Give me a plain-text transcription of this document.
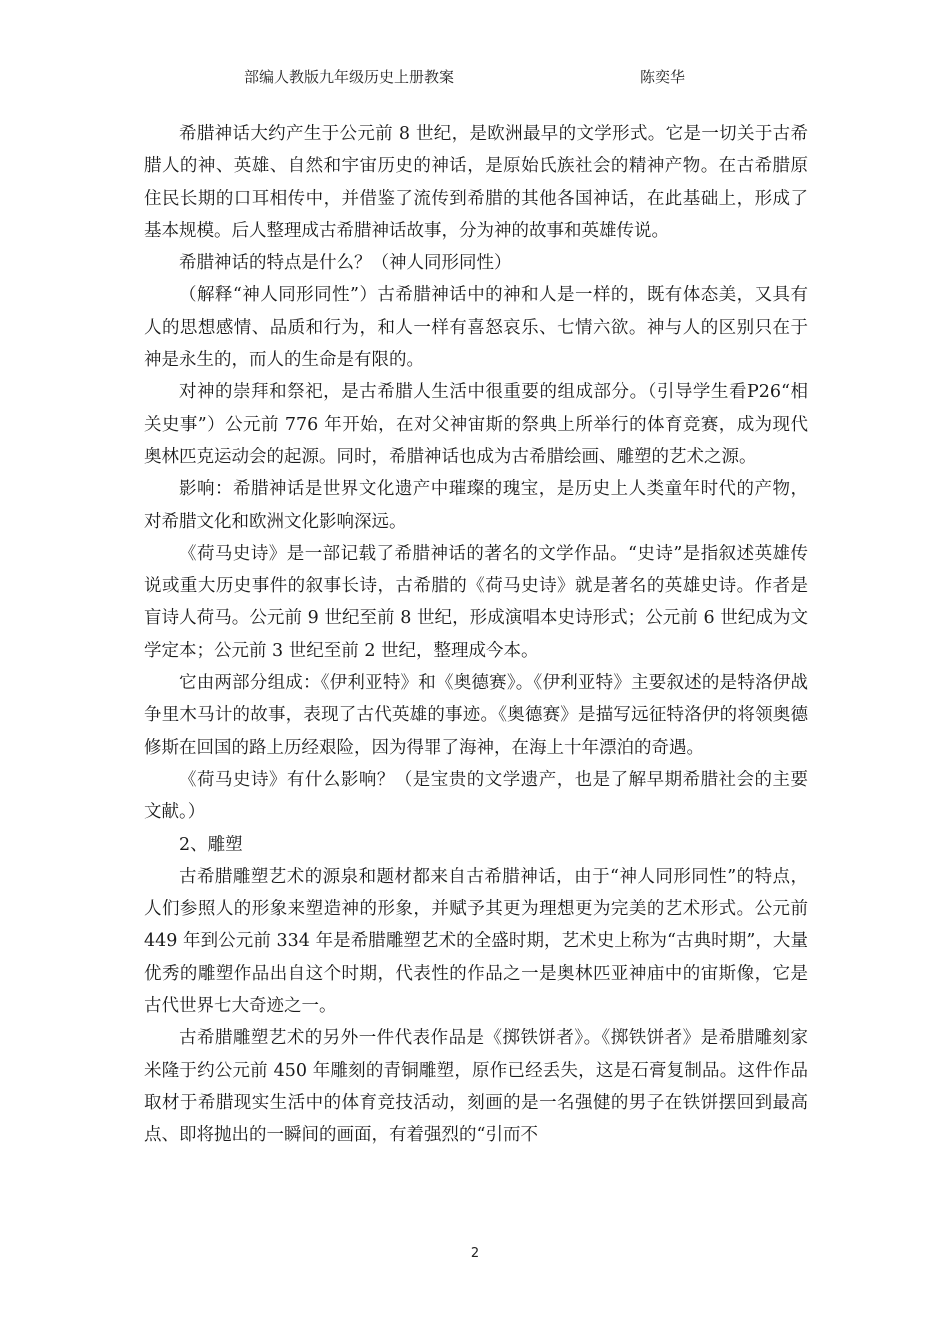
部编人教版九年级历史上册教案	陈奕华

希腊神话大约产生于公元前 8 世纪，是欧洲最早的文学形式。它是一切关于古希腊人的神、英雄、自然和宇宙历史的神话，是原始氏族社会的精神产物。在古希腊原住民长期的口耳相传中，并借鉴了流传到希腊的其他各国神话，在此基础上，形成了基本规模。后人整理成古希腊神话故事，分为神的故事和英雄传说。

希腊神话的特点是什么？（神人同形同性）

（解释“神人同形同性”）古希腊神话中的神和人是一样的，既有体态美，又具有人的思想感情、品质和行为，和人一样有喜怒哀乐、七情六欲。神与人的区别只在于神是永生的，而人的生命是有限的。

对神的崇拜和祭祀，是古希腊人生活中很重要的组成部分。（引导学生看P26“相关史事”）公元前 776 年开始，在对父神宙斯的祭典上所举行的体育竞赛，成为现代奥林匹克运动会的起源。同时，希腊神话也成为古希腊绘画、雕塑的艺术之源。

影响：希腊神话是世界文化遗产中璀璨的瑰宝，是历史上人类童年时代的产物，对希腊文化和欧洲文化影响深远。

《荷马史诗》是一部记载了希腊神话的著名的文学作品。“史诗”是指叙述英雄传说或重大历史事件的叙事长诗，古希腊的《荷马史诗》就是著名的英雄史诗。作者是盲诗人荷马。公元前 9 世纪至前 8 世纪，形成演唱本史诗形式；公元前 6 世纪成为文学定本；公元前 3 世纪至前 2 世纪，整理成今本。

它由两部分组成：《伊利亚特》和《奥德赛》。《伊利亚特》主要叙述的是特洛伊战争里木马计的故事，表现了古代英雄的事迹。《奥德赛》是描写远征特洛伊的将领奥德修斯在回国的路上历经艰险，因为得罪了海神，在海上十年漂泊的奇遇。

《荷马史诗》有什么影响？（是宝贵的文学遗产，也是了解早期希腊社会的主要文献。）

2、雕塑

古希腊雕塑艺术的源泉和题材都来自古希腊神话，由于“神人同形同性”的特点，人们参照人的形象来塑造神的形象，并赋予其更为理想更为完美的艺术形式。公元前 449 年到公元前 334 年是希腊雕塑艺术的全盛时期，艺术史上称为“古典时期”，大量优秀的雕塑作品出自这个时期，代表性的作品之一是奥林匹亚神庙中的宙斯像，它是古代世界七大奇迹之一。

古希腊雕塑艺术的另外一件代表作品是《掷铁饼者》。《掷铁饼者》是希腊雕刻家米隆于约公元前 450 年雕刻的青铜雕塑，原作已经丢失，这是石膏复制品。这件作品取材于希腊现实生活中的体育竞技活动，刻画的是一名强健的男子在铁饼摆回到最高点、即将抛出的一瞬间的画面，有着强烈的“引而不

2
